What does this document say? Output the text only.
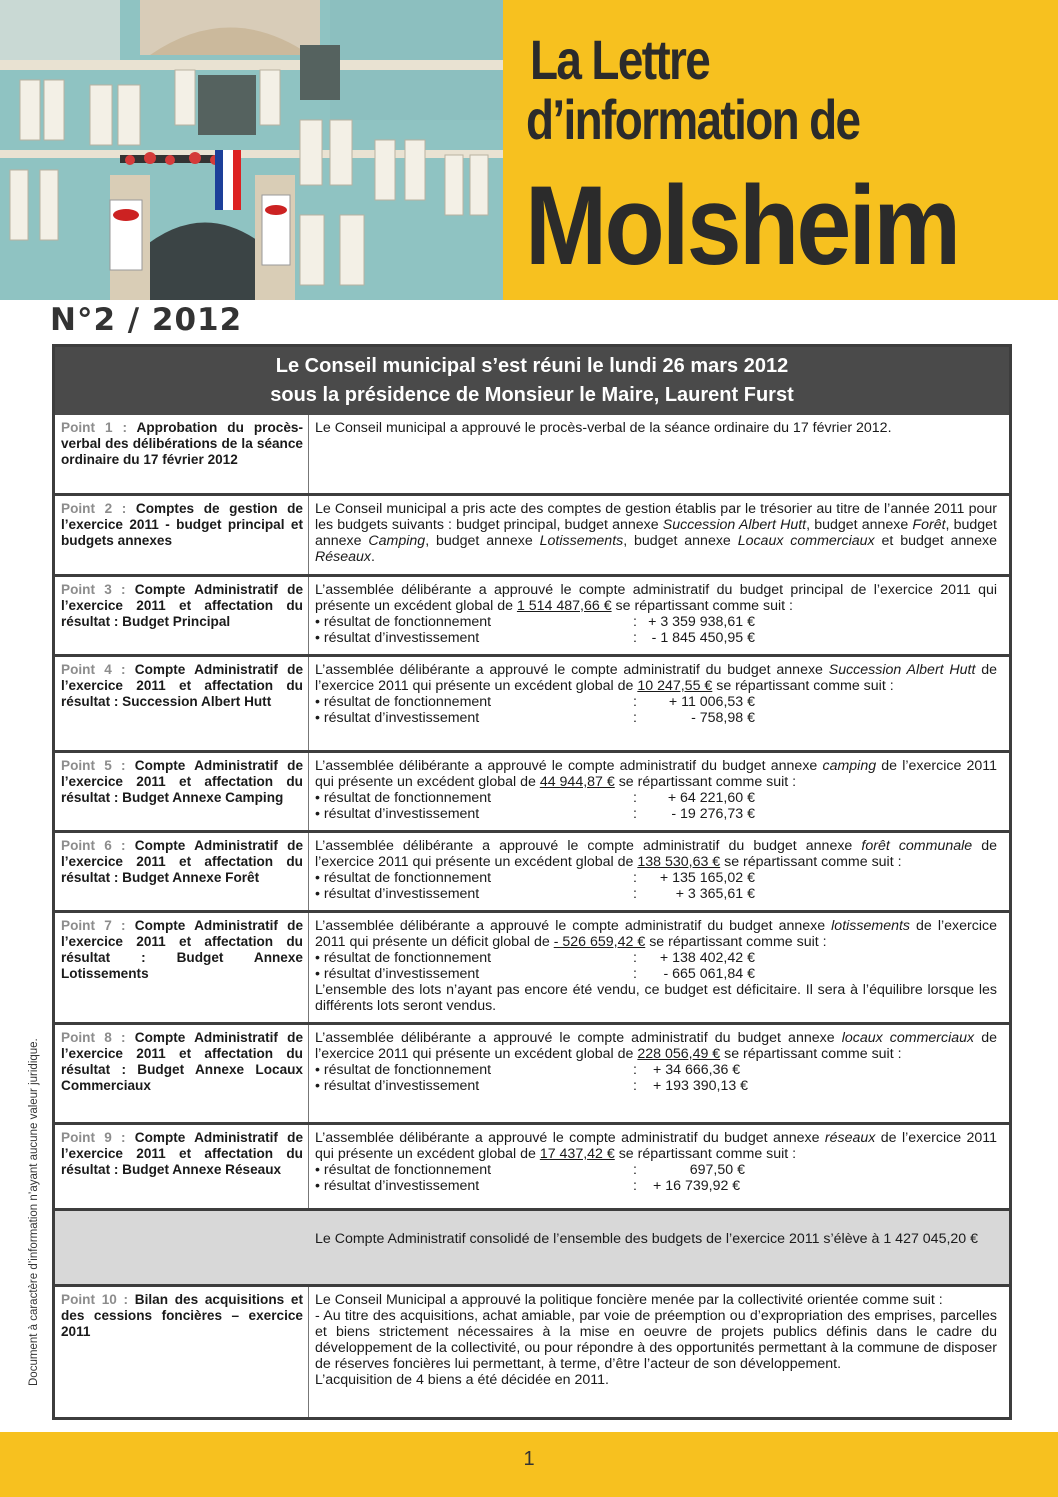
La Lettre
d’information de
Molsheim
N°2 / 2012
Document à caractère d’information n’ayant aucune valeur juridique.
Le Conseil municipal s’est réuni le lundi 26 mars 2012
sous la présidence de Monsieur le Maire, Laurent Furst
Point 1 : Approbation du procès-verbal des délibérations de la séance ordinaire du 17 février 2012
Le Conseil municipal a approuvé le procès-verbal de la séance ordinaire du 17 février 2012.
Point 2 : Comptes de gestion de l’exercice 2011 - budget principal et budgets annexes
Le Conseil municipal a pris acte des comptes de gestion établis par le trésorier au titre de l’année 2011 pour les budgets suivants : budget principal, budget annexe Succession Albert Hutt, budget annexe Forêt, budget annexe Camping, budget annexe Lotissements, budget annexe Locaux commerciaux et budget annexe Réseaux.
Point 3 : Compte Administratif de l’exercice 2011 et affectation du résultat : Budget Principal
L’assemblée délibérante a approuvé le compte administratif du budget principal de l’exercice 2011 qui présente un excédent global de 1 514 487,66 € se répartissant comme suit :
• résultat de fonctionnement	: + 3 359 938,61 €
• résultat d’investissement	:	- 1 845 450,95 €
Point 4 : Compte Administratif de l’exercice 2011 et affectation du résultat : Succession Albert Hutt
L’assemblée délibérante a approuvé le compte administratif du budget annexe Succession Albert Hutt de l’exercice 2011 qui présente un excédent global de 10 247,55 € se répartissant comme suit :
• résultat de fonctionnement	:	+ 11 006,53 €
• résultat d’investissement	:	- 758,98 €
Point 5 : Compte Administratif de l’exercice 2011 et affectation du résultat : Budget Annexe Camping
L’assemblée délibérante a approuvé le compte administratif du budget annexe camping de l’exercice 2011 qui présente un excédent global de 44 944,87 € se répartissant comme suit :
• résultat de fonctionnement	:	+ 64 221,60 €
• résultat d’investissement	:	- 19 276,73 €
Point 6 : Compte Administratif de l’exercice 2011 et affectation du résultat : Budget Annexe Forêt
L’assemblée délibérante a approuvé le compte administratif du budget annexe forêt communale de l’exercice 2011 qui présente un excédent global de 138 530,63 € se répartissant comme suit :
• résultat de fonctionnement	:	+ 135 165,02 €
• résultat d’investissement	:	+ 3 365,61 €
Point 7 : Compte Administratif de l’exercice 2011 et affectation du résultat : Budget Annexe Lotissements
L’assemblée délibérante a approuvé le compte administratif du budget annexe lotissements de l’exercice 2011 qui présente un déficit global de - 526 659,42 € se répartissant comme suit :
• résultat de fonctionnement	:	+ 138 402,42 €
• résultat d’investissement	:	- 665 061,84 €
L’ensemble des lots n’ayant pas encore été vendu, ce budget est déficitaire. Il sera à l’équilibre lorsque les différents lots seront vendus.
Point 8 : Compte Administratif de l’exercice 2011 et affectation du résultat : Budget Annexe Locaux Commerciaux
L’assemblée délibérante a approuvé le compte administratif du budget annexe locaux commerciaux de l’exercice 2011 qui présente un excédent global de 228 056,49 € se répartissant comme suit :
• résultat de fonctionnement	:	+ 34 666,36 €
• résultat d’investissement	:	+ 193 390,13 €
Point 9 : Compte Administratif de l’exercice 2011 et affectation du résultat : Budget Annexe Réseaux
L’assemblée délibérante a approuvé le compte administratif du budget annexe réseaux de l’exercice 2011 qui présente un excédent global de 17 437,42 € se répartissant comme suit :
• résultat de fonctionnement	:	697,50 €
• résultat d’investissement	:	+ 16 739,92 €
Le Compte Administratif consolidé de l’ensemble des budgets de l’exercice 2011 s’élève à 1 427 045,20 €
Point 10 : Bilan des acquisitions et des cessions foncières – exercice 2011
Le Conseil Municipal a approuvé la politique foncière menée par la collectivité orientée comme suit :
- Au titre des acquisitions, achat amiable, par voie de préemption ou d’expropriation des emprises, parcelles et biens strictement nécessaires à la mise en oeuvre de projets publics définis dans le cadre du développement de la collectivité, ou pour répondre à des opportunités permettant à la commune de disposer de réserves foncières lui permettant, à terme, d’être l’acteur de son développement.
L’acquisition de 4 biens a été décidée en 2011.
1
